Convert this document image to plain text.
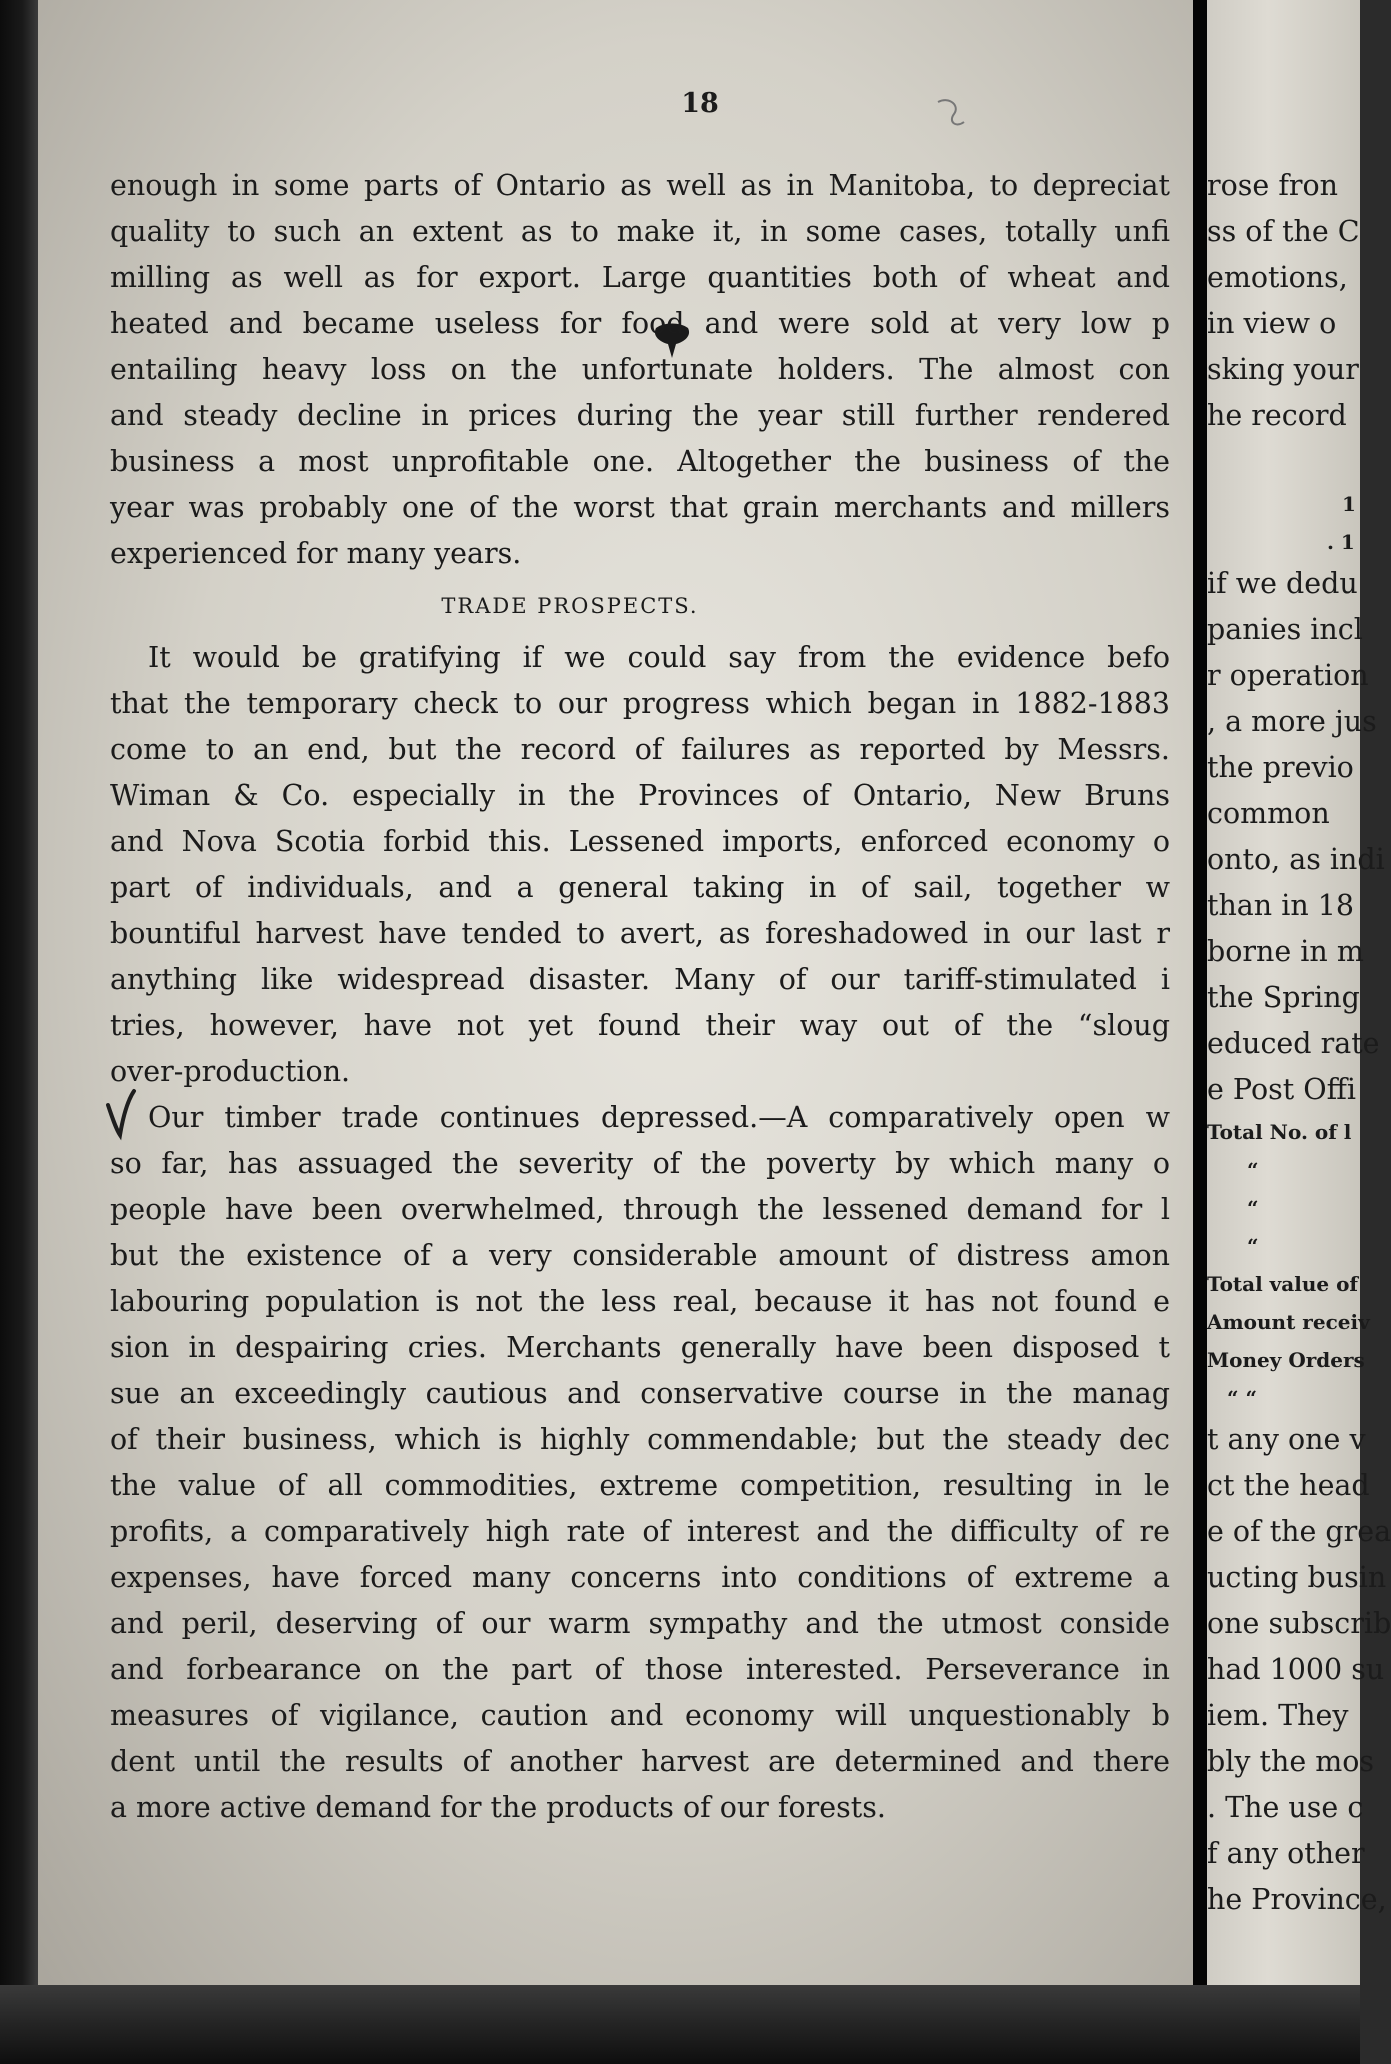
18
enough in some parts of Ontario as well as in Manitoba, to depreciat
quality to such an extent as to make it, in some cases, totally unfi
milling as well as for export. Large quantities both of wheat and
heated and became useless for food and were sold at very low p
entailing heavy loss on the unfortunate holders. The almost con
and steady decline in prices during the year still further rendered
business a most unprofitable one. Altogether the business of the
year was probably one of the worst that grain merchants and millers
experienced for many years.
TRADE PROSPECTS.
It would be gratifying if we could say from the evidence befo
that the temporary check to our progress which began in 1882-1883
come to an end, but the record of failures as reported by Messrs.
Wiman & Co. especially in the Provinces of Ontario, New Bruns
and Nova Scotia forbid this. Lessened imports, enforced economy o
part of individuals, and a general taking in of sail, together w
bountiful harvest have tended to avert, as foreshadowed in our last r
anything like widespread disaster. Many of our tariff-stimulated i
tries, however, have not yet found their way out of the “sloug
over-production.
Our timber trade continues depressed.—A comparatively open w
so far, has assuaged the severity of the poverty by which many o
people have been overwhelmed, through the lessened demand for l
but the existence of a very considerable amount of distress amon
labouring population is not the less real, because it has not found e
sion in despairing cries. Merchants generally have been disposed t
sue an exceedingly cautious and conservative course in the manag
of their business, which is highly commendable; but the steady dec
the value of all commodities, extreme competition, resulting in le
profits, a comparatively high rate of interest and the difficulty of re
expenses, have forced many concerns into conditions of extreme a
and peril, deserving of our warm sympathy and the utmost conside
and forbearance on the part of those interested. Perseverance in
measures of vigilance, caution and economy will unquestionably b
dent until the results of another harvest are determined and there
a more active demand for the products of our forests.
rose fron
ss of the C
emotions,
in view o
sking your
he record
1
. 1
if we dedu
panies incl
r operation
, a more jus
the previo
common
onto, as indi
than in 18
borne in m
the Spring
educed rate
e Post Offi
Total No. of l
“
“
“
Total value of
Amount receiv
Money Orders
“ “
t any one v
ct the head
e of the grea
ucting busin
one subscrib
had 1000 su
iem. They
bly the mos
. The use c
f any other
he Province,
